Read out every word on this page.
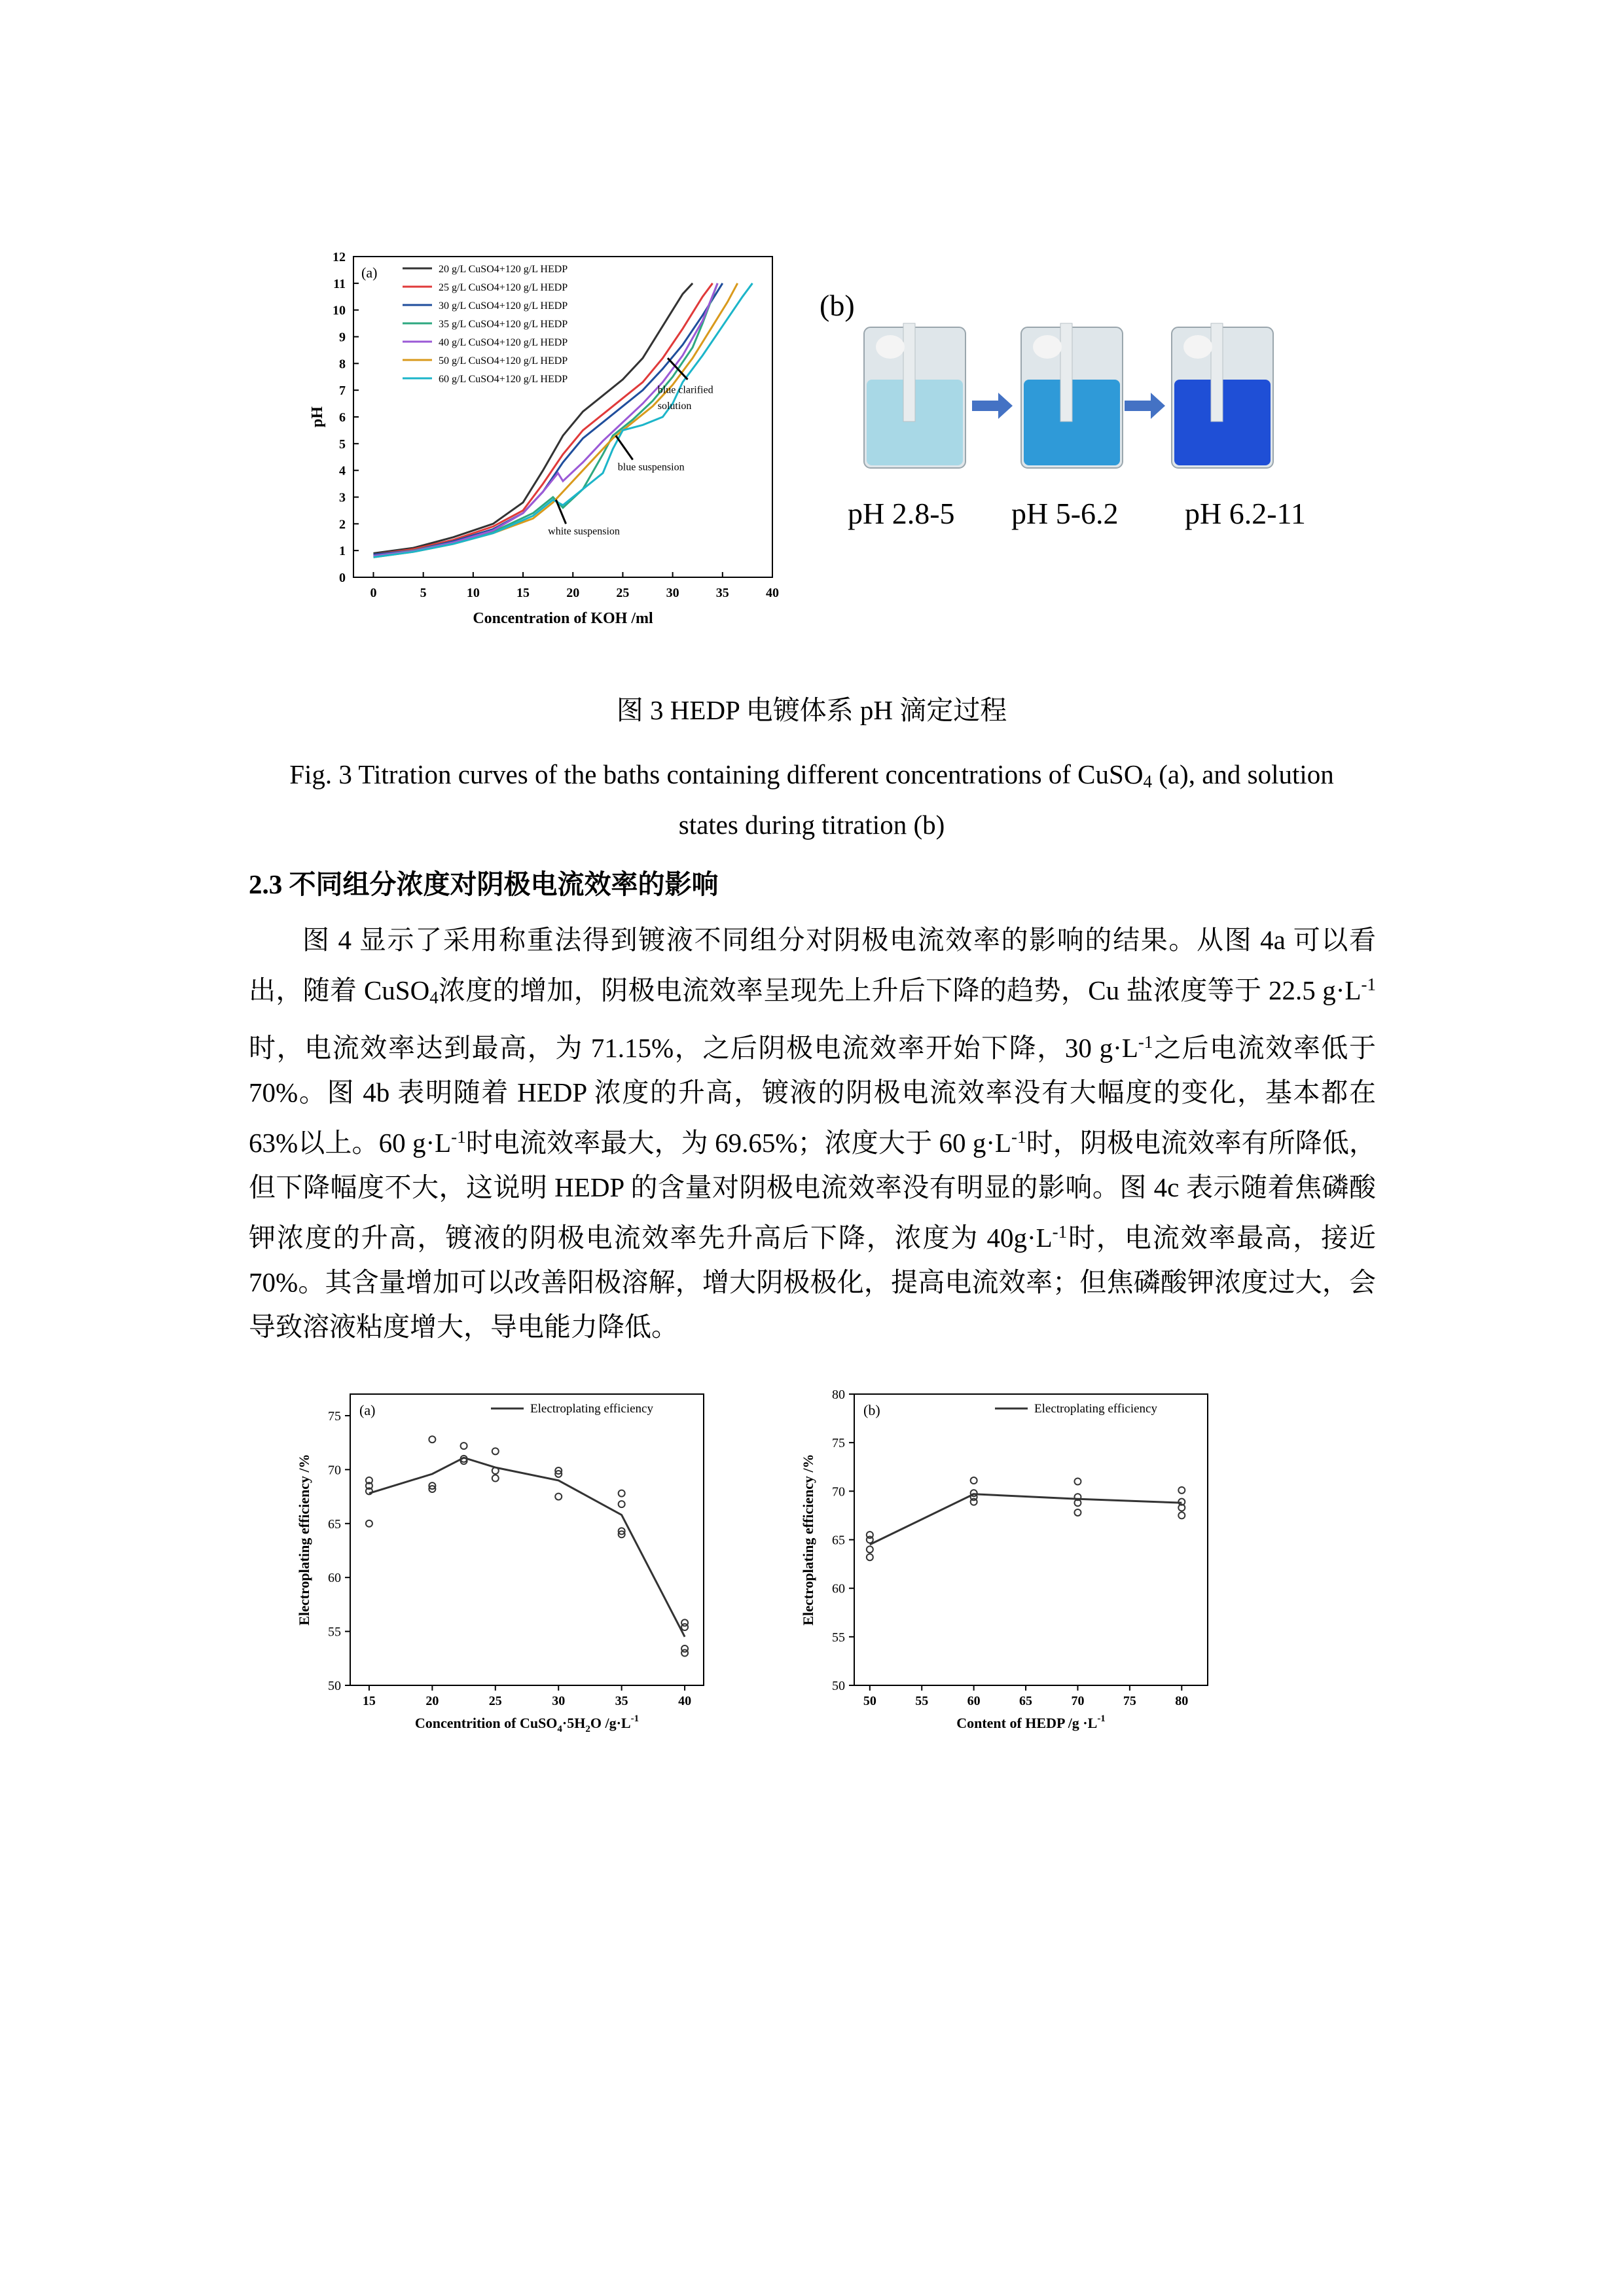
0	5	10	15	20	25	30	35	40
0
1
2
3
4
5
6
7
8
9
10
11
12
Concentration of KOH /ml
pH
(a)	20 g/L CuSO4+120 g/L HEDP
25 g/L CuSO4+120 g/L HEDP
30 g/L CuSO4+120 g/L HEDP
35 g/L CuSO4+120 g/L HEDP
40 g/L CuSO4+120 g/L HEDP
50 g/L CuSO4+120 g/L HEDP
60 g/L CuSO4+120 g/L HEDP
blue clarified
solution
blue suspension
white suspension
(b)
pH 2.8-5 pH 5-6.2 pH 6.2-11
图 3 HEDP 电镀体系 pH 滴定过程
Fig. 3 Titration curves of the baths containing different concentrations of CuSO$_4$ (a), and solution
states during titration (b)
2.3 不同组分浓度对阴极电流效率的影响
图 4 显示了采用称重法得到镀液不同组分对阴极电流效率的影响的结果。从图 4a 可以看出，随着 CuSO$_4$浓度的增加，阴极电流效率呈现先上升后下降的趋势，Cu 盐浓度等于 22.5 $g\cdot L^{-1}$时，电流效率达到最高，为 71.15%，之后阴极电流效率开始下降，30 $g\cdot L^{-1}$之后电流效率低于 70%。图 4b 表明随着 HEDP 浓度的升高，镀液的阴极电流效率没有大幅度的变化，基本都在 63%以上。60 $g\cdot L^{-1}$时电流效率最大，为 69.65%；浓度大于 60 $g\cdot L^{-1}$时，阴极电流效率有所降低，但下降幅度不大，这说明 HEDP 的含量对阴极电流效率没有明显的影响。图 4c 表示随着焦磷酸钾浓度的升高，镀液的阴极电流效率先升高后下降，浓度为 $40g\cdot L^{-1}$时，电流效率最高，接近 70%。其含量增加可以改善阳极溶解，增大阴极极化，提高电流效率；但焦磷酸钾浓度过大，会导致溶液粘度增大，导电能力降低。
15	20	25	30	35	40
50
55
60
65
70
75
Electroplating efficiency /%
Concentrition of $CuSO_4\cdot 5H_2O$ $/g\cdot L^{-1}$
(a)	Electroplating efficiency
50	55	60	65	70	75	80
50
55
60
65
70
75
80
Electroplating efficiency /%
Content of HEDP $/g \cdot L^{-1}$
(b)	Electroplating efficiency
